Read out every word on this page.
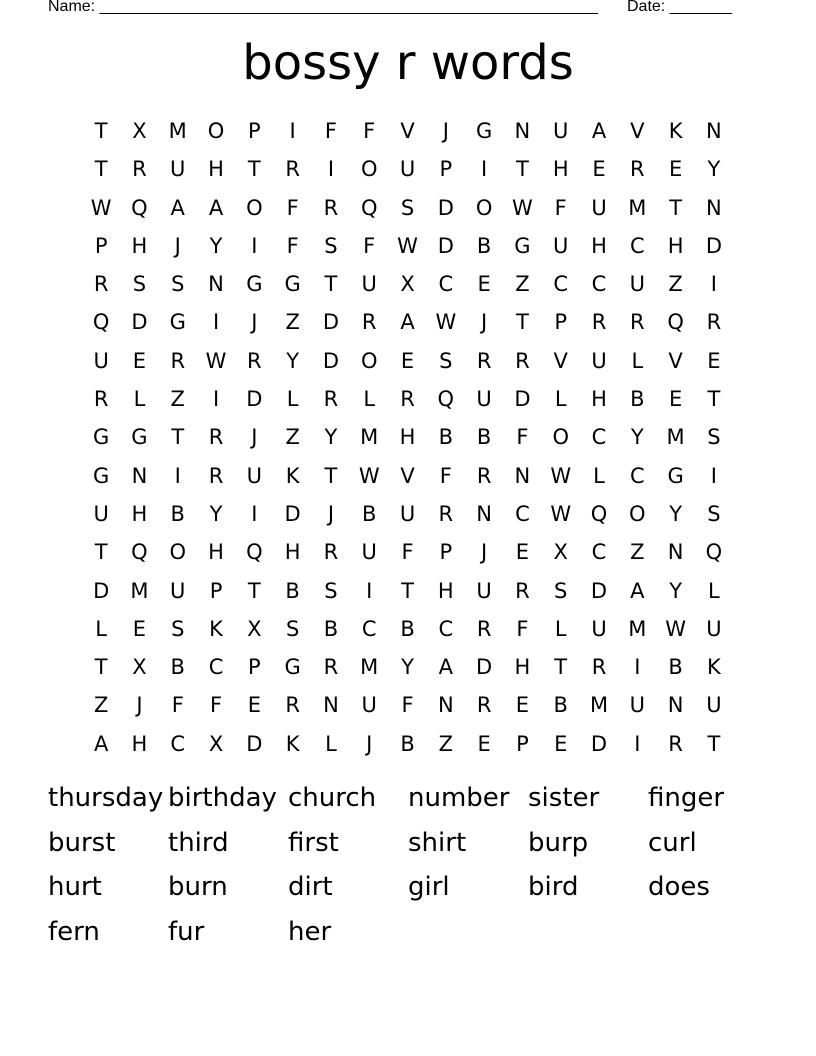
Name: ________________________________________________________ Date: _______
bossy r words
T	X	M O	P	I	F	F	V	J	G	N	U	A	V	K	N
T	R	U	H	T	R	I	O	U	P	I	T	H	E	R	E	Y
W Q	A	A	O	F	R	Q	S	D	O W	F	U	M	T	N
P	H	J	Y	I	F	S	F	W D	B	G	U	H	C	H	D
R	S	S	N	G	G	T	U	X	C	E	Z	C	C	U	Z	I
Q	D	G	I	J	Z	D	R	A W	J	T	P	R	R	Q	R
U	E	R W R	Y	D	O	E	S	R	R	V	U	L	V	E
R	L	Z	I	D	L	R	L	R	Q	U	D	L	H	B	E	T
G	G	T	R	J	Z	Y	M	H	B	B	F	O	C	Y	M	S
G	N	I	R	U	K	T	W V	F	R	N W	L	C	G	I
U	H	B	Y	I	D	J	B	U	R	N	C W Q	O	Y	S
T	Q	O	H	Q	H	R	U	F	P	J	E	X	C	Z	N	Q
D	M	U	P	T	B	S	I	T	H	U	R	S	D	A	Y	L
L	E	S	K	X	S	B	C	B	C	R	F	L	U	M W U
T	X	B	C	P	G	R	M	Y	A	D	H	T	R	I	B	K
Z	J	F	F	E	R	N	U	F	N	R	E	B	M	U	N	U
A	H	C	X	D	K	L	J	B	Z	E	P	E	D	I	R	T
thursday birthday church	number sister	finger
burst	third	first	shirt	burp	curl
hurt	burn	dirt	girl	bird	does
fern	fur	her
